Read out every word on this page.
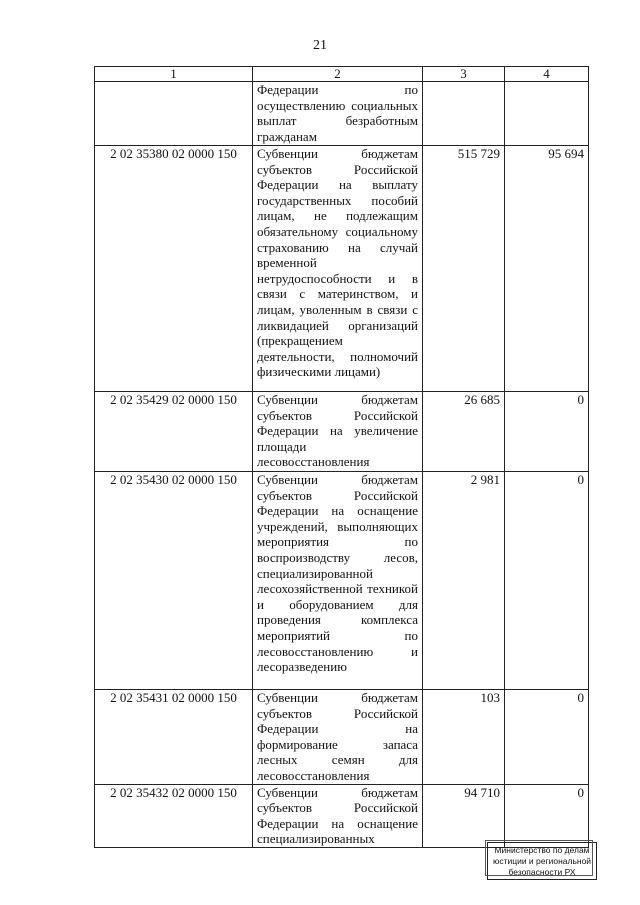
21
1	2	3	4
	Федерации по осуществлению социальных выплат безработным гражданам		
2 02 35380 02 0000 150	Субвенции бюджетам субъектов Российской Федерации на выплату государственных пособий лицам, не подлежащим обязательному социальному страхованию на случай временной нетрудоспособности и в связи с материнством, и лицам, уволенным в связи с ликвидацией организаций (прекращением деятельности, полномочий физическими лицами)	515 729	95 694
2 02 35429 02 0000 150	Субвенции бюджетам субъектов Российской Федерации на увеличение площади лесовосстановления	26 685	0
2 02 35430 02 0000 150	Субвенции бюджетам субъектов Российской Федерации на оснащение учреждений, выполняющих мероприятия по воспроизводству лесов, специализированной лесохозяйственной техникой и оборудованием для проведения комплекса мероприятий по лесовосстановлению и лесоразведению	2 981	0
2 02 35431 02 0000 150	Субвенции бюджетам субъектов Российской Федерации на формирование запаса лесных семян для лесовосстановления	103	0
2 02 35432 02 0000 150	Субвенции бюджетам субъектов Российской Федерации на оснащение специализированных	94 710	0
Министерство по делам
юстиции и региональной
безопасности РХ
